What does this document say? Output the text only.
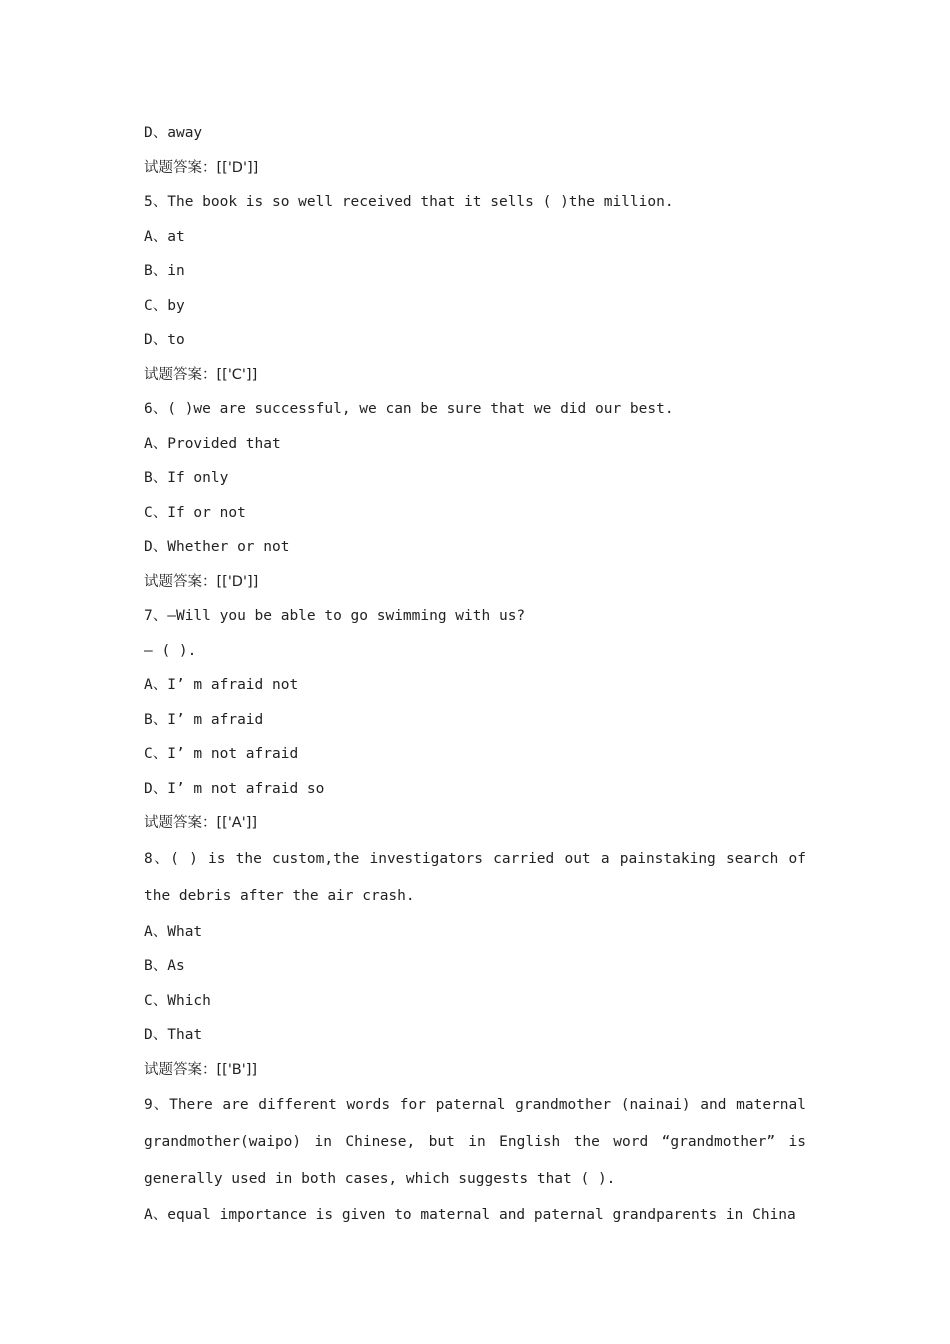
D、away
试题答案：[['D']]
5、The book is so well received that it sells ( )the million.
A、at
B、in
C、by
D、to
试题答案：[['C']]
6、( )we are successful, we can be sure that we did our best.
A、Provided that
B、If only
C、If or not
D、Whether or not
试题答案：[['D']]
7、—Will you be able to go swimming with us?
— ( ).
A、I’ m afraid not
B、I’ m afraid
C、I’ m not afraid
D、I’ m not afraid so
试题答案：[['A']]
8、( ) is the custom,the investigators carried out a painstaking search of the debris after the air crash.
A、What
B、As
C、Which
D、That
试题答案：[['B']]
9、There are different words for paternal grandmother (nainai) and maternal grandmother(waipo) in Chinese, but in English the word “grandmother” is generally used in both cases, which suggests that ( ).
A、equal importance is given to maternal and paternal grandparents in China
